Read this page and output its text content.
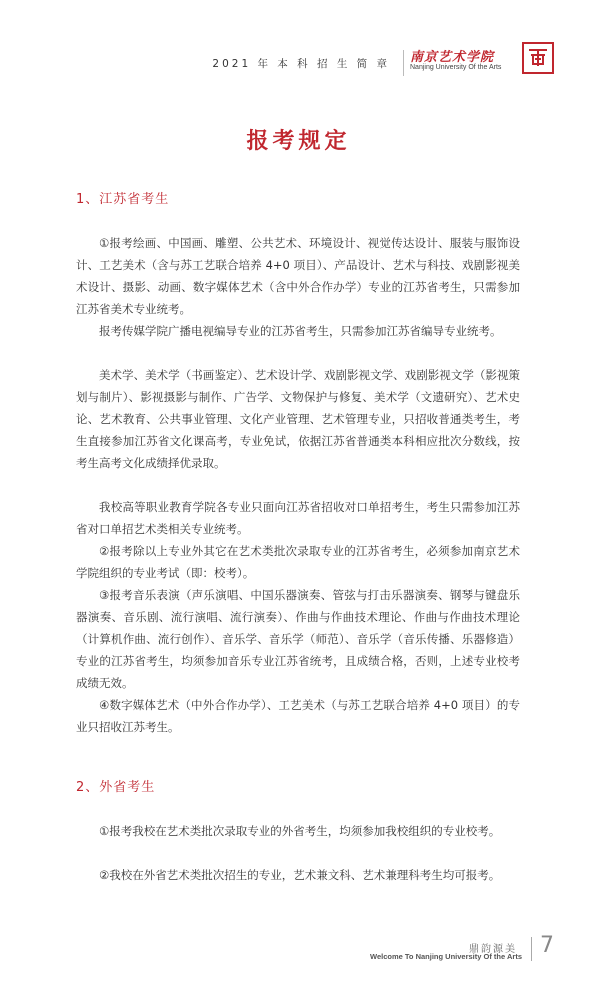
2021 年 本 科 招 生 简 章 南京艺术学院
Nanjing University Of the Arts
报考规定
1、江苏省考生

①报考绘画、中国画、雕塑、公共艺术、环境设计、视觉传达设计、服装与服饰设计、工艺美术（含与苏工艺联合培养 4+0 项目）、产品设计、艺术与科技、戏剧影视美术设计、摄影、动画、数字媒体艺术（含中外合作办学）专业的江苏省考生，只需参加江苏省美术专业统考。

报考传媒学院广播电视编导专业的江苏省考生，只需参加江苏省编导专业统考。

美术学、美术学（书画鉴定）、艺术设计学、戏剧影视文学、戏剧影视文学（影视策划与制片）、影视摄影与制作、广告学、文物保护与修复、美术学（文遗研究）、艺术史论、艺术教育、公共事业管理、文化产业管理、艺术管理专业，只招收普通类考生，考生直接参加江苏省文化课高考，专业免试，依据江苏省普通类本科相应批次分数线，按考生高考文化成绩择优录取。

我校高等职业教育学院各专业只面向江苏省招收对口单招考生，考生只需参加江苏省对口单招艺术类相关专业统考。

②报考除以上专业外其它在艺术类批次录取专业的江苏省考生，必须参加南京艺术学院组织的专业考试（即：校考）。

③报考音乐表演（声乐演唱、中国乐器演奏、管弦与打击乐器演奏、钢琴与键盘乐器演奏、音乐剧、流行演唱、流行演奏）、作曲与作曲技术理论、作曲与作曲技术理论（计算机作曲、流行创作）、音乐学、音乐学（师范）、音乐学（音乐传播、乐器修造）专业的江苏省考生，均须参加音乐专业江苏省统考，且成绩合格，否则，上述专业校考成绩无效。

④数字媒体艺术（中外合作办学）、工艺美术（与苏工艺联合培养 4+0 项目）的专业只招收江苏考生。

2、外省考生

①报考我校在艺术类批次录取专业的外省考生，均须参加我校组织的专业校考。

②我校在外省艺术类批次招生的专业，艺术兼文科、艺术兼理科考生均可报考。

鼎韵源美
Welcome To Nanjing University Of the Arts 7
